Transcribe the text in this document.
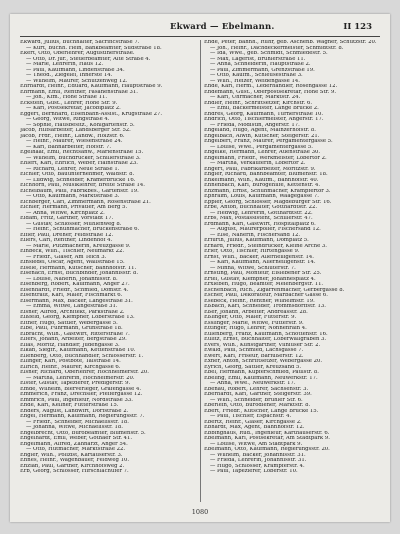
Ekward — Ebelmann.	II 123
Ekward, Julius, Buchhalter, Sacrificstraße 7.
— Kurt, Buchh. Hein, Bankbeamter, Südstraße 18.
Ekert, Otto, Oberlehrer, Augustinerstraße.
— Otto, Dr. jur., Steuerbeamter, Alte Straße 4.
— Marie, Lehrerin, Haus 12.
— Paul, Kaufmann, Lindenstraße 34.
— Theod., Ziegelei, Innerste 14.
— Wilhelm, Maurer, Schützenweg 12.
Ehrhardt, Heinr., Eduard, Kaufmann, Hauptstraße 9.
Ehrmann, Emil, Rentner, Fasanenstraße 31.
— Joh., Kfm., Hohe Straße 11.
Eckstein, Gust., Lehrer, Hohe Str. 9.
— Karl, Postsekretär, Jacobiplatz 2.
Eggert, Bernhard, Eisenbahn-Assist., Krugstraße 27.
— Georg, Witwe, Ringstraße 4.
— Sophie, Hausbesitz., Kohlgartenstr. 5.
Jacob, Hilfsarbeiter, Landsberger Str. 52.
Jacob, Frdr., Heinr., Landw., Holzstr. 6.
— Heinr., Maurer, Wiesenstraße 24.
— Karl, Bahnarbeiter, Hofstr. 7.
Egelhaaf, Emil, Rechtsanw., Marienstraße 15.
— Wilhelm, Buchdrucker, Schillerstraße 3.
Ehlert, Karl, Ehrlich, Weber, Hainstraße 23.
— Richard, Lehrer, Neue Straße 1.
Eichler, Otto, Bauunternehmer, Waldstr. 8.
— Ludwig, Schneider, Krämerbrücke 16.
Eichhorn, Paul, Musiklehrer, Breite Straße 14.
Eichelbaum, Paul, Fabrikbes., Gartenstr. 19.
— Otto, Kaufmann, Marktstraße 3.
Eichberger, Carl, Zimmermann, Rosenstraße 21.
Eichler, Hermann, Privatier, Am Berg 5.
— Anna, Witwe, Kirchplatz 2.
Eidam, Fritz, Gärtner, Vorstadt 17.
— Gustav, Schlosser, Mühlenweg 8.
— Heinr., Schuhmacher, Brückenstraße 6.
Eifler, Paul, Dreher, Feldstraße 12.
Eilers, Carl, Rentner, Lindenhof 4.
— Marie, Putzmacherin, Kreuzgasse 9.
Einbeck, Wilh., Tischler, Neumarkt 22.
— Friedr., Glaser, Am Teich 3.
Einsiedel, Oscar, Agent, Wallstraße 15.
Eisele, Hermann, Kutscher, Bahnhofstr. 11.
Eisenach, Ernst, Buchbinder, Johannisstr. 8.
— Louise, Näherin, Johannisstr. 8.
Eisenberg, Robert, Kaufmann, Anger 27.
Eisenhardt, Friedr., Schmied, Domstr. 4.
Eisentraut, Karl, Maler, Fischmarkt 6.
Eisermann, Max, Bäcker, Langestraße 31.
— Emma, Witwe, Langestraße 31.
Eisner, Alfred, Architekt, Parkstraße 2.
Eißfeld, Georg, Klempner, Löberstraße 13.
Eitner, Hugo, Sattler, Webergasse 5.
Elbe, Paul, Fuhrmann, Grünstraße 18.
Elbracht, Wilh., Gastwirt, Ritterstraße 7.
Elfers, Johann, Arbeiter, Bergstraße 29.
Elias, Moritz, Händler, Judengasse 3.
Elkan, Siegfr., Kaufmann, Kettenstraße 10.
Ellenberg, Otto, Buchhändler, Schlösserstr. 1.
Ellinger, Karl, Postbote, Talstraße 14.
Ellrich, Heinr., Maurer, Kirchgasse 6.
Elsner, Richard, Oberlehrer, Hochheimerstr. 20.
— Martha, Lehrerin, Hochheimerstr. 20.
Elster, Gustav, Tapezierer, Predigerstr. 9.
Emde, Wilhelm, Bierverleger, Grafengasse 4.
Emmerich, Franz, Drechsler, Pfeifergasse 12.
Emmrich, Paul, Ingenieur, Nordstraße 33.
Ende, Karl, Kellner, Futterstraße 15.
Enders, August, Landwirt, Dorfstraße 2.
Engel, Hermann, Kaufmann, Regierungsstr. 7.
— Friedr., Schneider, Michaelisstr. 18.
— Johanna, Witwe, Michaelisstr. 18.
Engelbrecht, Otto, Bürobeamter, Blumenstr. 5.
Engelhardt, Emil, Weber, Gothaer Str. 41.
Engelmann, Alfred, Zahnarzt, Anger 54.
— Otto, Hutmacher, Marktstraße 22.
Engler, Wilh., Polizist, Kartäuserstr. 3.
Ennes, Heinr., Wagenbauer, Feldweg 10.
Enzian, Paul, Gärtner, Kirchhofsweg 2.
Erb, Georg, Schlosser, Hirschlachufer 7.
Ende, Peter, Bahnh., Ruhr, geb. Aschenb. Wagner, Schützstr. 20.
— Joh., Heinr., Dachdeckermeister, Schmidtstr. 8.
— Ida, Wwe., geb. Schmidt, Schmiedestr. 5.
— Max, Lagerist, Brühlerstraße 11.
— Anna, Schneiderin, Hauptstraße 2.
— Paul, Zimmermann, Grenzstraße 19.
— Otto, Kaufm., Schleusestraße 3.
— Wilh., Heizer, Weidengasse 14.
Ende, Karl, Herm., Lederhändler, Rosengasse 12.
Endemann, Gust., Oberpostsekretär, Hohe Str. 9.
— Karl, Uhrmacher, Marktstr. 24.
Endler, Heinr., Schriftsetzer, Kirchstr. 6.
— Emil, Bäckermeister, Lange Brücke 2.
Endres, Georg, Kaufmann, Turnerstraße 10.
Endrich, Otto, Tischlermeister, Angerstr. 17.
— Frieda, Modistin, Angerstr. 17.
Engeland, Hugo, Agent, Mainzerhofstr. 8.
Engelbach, Alwin, Kutscher, Steigerstr. 21.
Engelbert, Franz, Maurer, Pergamentergasse 5.
— Louise, Wwe., Pergamentergasse 5.
Engelke, Hermann, Lehrer, Auenstraße 30.
Engelmann, Friedr., Werkmeister, Löbertor 2.
— Martha, Verkäuferin, Löbertor 2.
Engert, Paul, Fabrikarbeiter, Moritzstr. 9.
Engler, Richard, Bahnbeamter, Blumenstr. 18.
Enkelmann, Wilh., Kaufm., Bahnhofstr. 40.
Ennenbach, Karl, Bürogehilfe, Kettenstr. 4.
Enzmann, Ernst, Schuhmacher, Krämpfertor 3.
Ephraim, Louis, Kaufmann, Waagegasse 7.
Eppler, Georg, Schlosser, Magdeburger Str. 16.
Erbe, Anton, Buchhalter, Gotthardtstr. 22.
— Hedwig, Lehrerin, Gotthardtstr. 22.
Erbs, Max, Postassistent, Schillerstr. 47.
Erdmann, Karl, Gastwirt, Hospitalplatz 6.
— August, Maurerpolier, Fischersand 12.
— Else, Näherin, Fischersand 12.
Erfurth, Julius, Kaufmann, Domplatz 5.
Erhard, Friedr., Steindrucker, Kleine Arche 3.
Erler, Otto, Tischler, Hirtengasse 9.
Ernst, Wilh., Bäcker, Allerheiligenstr. 14.
— Karl, Kaufmann, Allerheiligenstr. 14.
— Minna, Witwe, Schlüterstr. 7.
Ernsting, Paul, Monteur, Eislebener Str. 25.
Ertel, Gustav, Klempner, Johannesplatz 4.
Erxleben, Hugo, Beamter, Meienbergstr. 11.
Eschenbach, Rich., Zigarrenmacher, Gerbergasse 8.
Escher, Paul, Dekorateur, Marbacher Gasse 6.
Esebeck, Heinr., Rentner, Wilhelmstr. 19.
Eßbach, Karl, Schneider, Trommsdorffstr. 13.
Eßer, Johann, Arbeiter, Andreasstr. 28.
Eßlinger, Otto, Maler, Futterstr. 9.
Esslinger, Marie, Witwe, Futterstr. 9.
Ettinger, Hugo, Lehrer, Nonnenrain 4.
Eulenberg, Franz, Kaufmann, Schottenstr. 16.
Eulitz, Ernst, Buchhalter, Löberwallgraben 3.
Evers, Wilh., Kunstgärtner, Vilniuser Str. 2.
Ewald, Paul, Schmied, Lachsgasse 7.
Ewert, Karl, Friseur, Barfüßerstr. 12.
Exner, Anton, Schriftsetzer, Webergasse 20.
Eyrich, Georg, Sattler, Kreuzsand 5.
Ebel, Hermann, Kupferschmied, Paulstr. 8.
Ebeling, Emil, Kaufmann, Neuwerkstr. 17.
— Anna, Wwe., Neuwerkstr. 17.
Ebenau, Robert, Lehrer, Sachsenstr. 3.
Eberhardt, Karl, Gärtner, Steigerstr. 39.
— Wilh., Schneider, Brühler Str. 6.
Eberlein, Otto, Bürodiener, Marktstr. 8.
Ebert, Friedr., Kutscher, Lange Brücke 15.
— Paul, Tischler, Espachstr. 4.
Ebertz, Heinr., Glaser, Kirchgasse 2.
Ebhardt, Max, Agent, Bahnhofstr. 12.
Ebbinghaus, Rud., Ingenieur, Karthäuserstr. 6.
Ebelmann, Karl, Postsekretär, Am Stadtpark 9.
— Louise, Witwe, Am Stadtpark 9.
Ebelmann, Otto, Kaufmann, Regierungsstr. 20.
— Wilhelm, Bäcker, Johannisstr. 31.
— Frieda, Lehrerin, Johannisstr. 31.
— Hugo, Schlosser, Krämpferstr. 4.
— Paul, Tapezierer, Löberstr. 10.
1080
